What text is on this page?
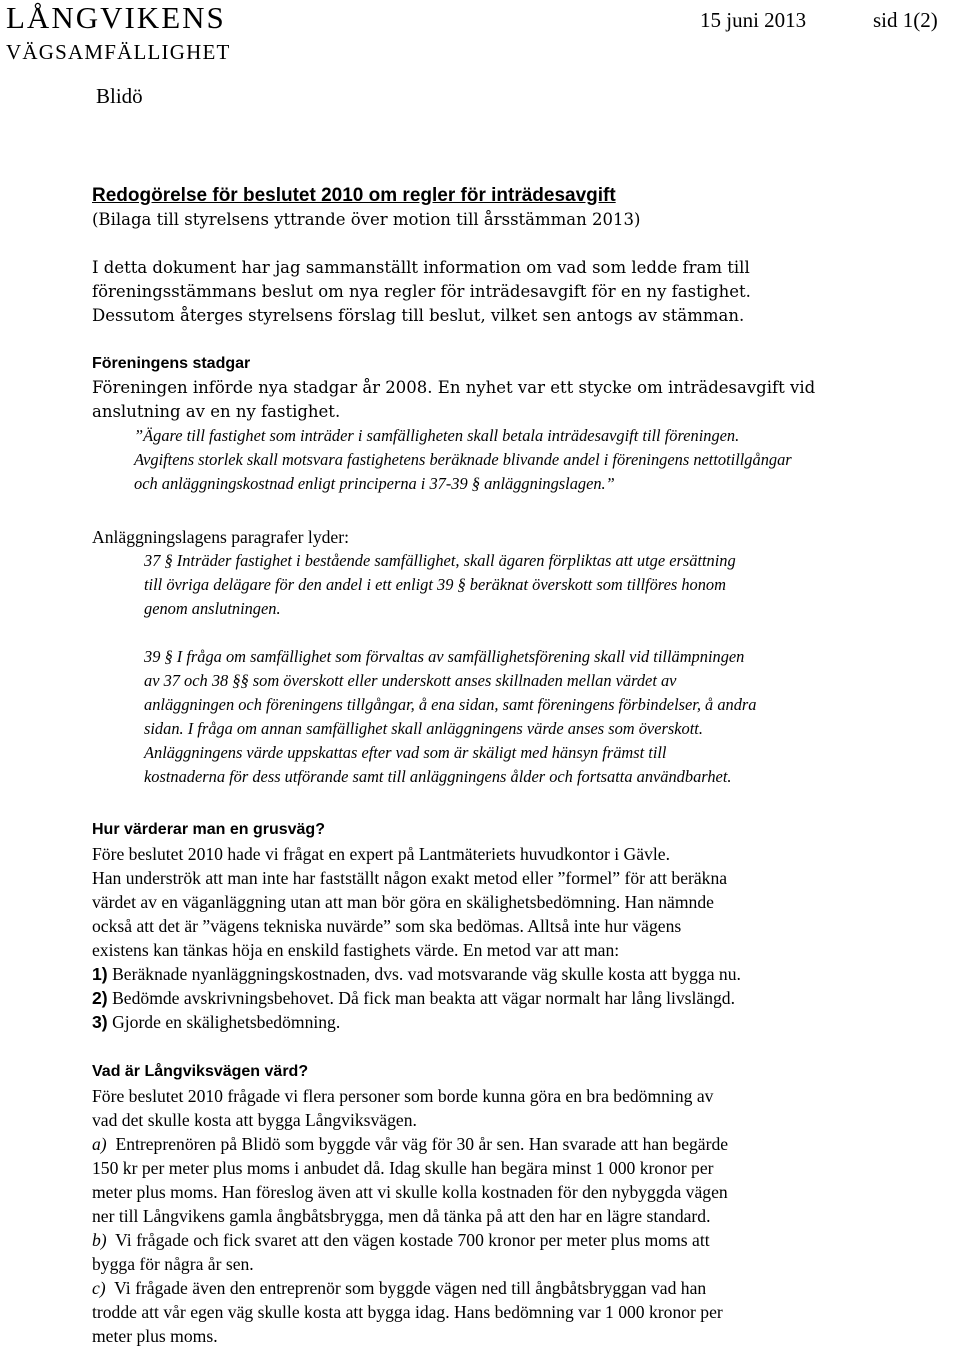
LÅNGVIKENS
VÄGSAMFÄLLIGHET
15 juni 2013	sid 1(2)
Blidö

Redogörelse för beslutet 2010 om regler för inträdesavgift

(Bilaga till styrelsens yttrande över motion till årsstämman 2013)

I detta dokument har jag sammanställt information om vad som ledde fram till

föreningsstämmans beslut om nya regler för inträdesavgift för en ny fastighet.

Dessutom återges styrelsens förslag till beslut, vilket sen antogs av stämman.

Föreningens stadgar

Föreningen införde nya stadgar år 2008. En nyhet var ett stycke om inträdesavgift vid

anslutning av en ny fastighet.

”Ägare till fastighet som inträder i samfälligheten skall betala inträdesavgift till föreningen.

Avgiftens storlek skall motsvara fastighetens beräknade blivande andel i föreningens nettotillgångar

och anläggningskostnad enligt principerna i 37-39 § anläggningslagen.”

Anläggningslagens paragrafer lyder:

37 § Inträder fastighet i bestående samfällighet, skall ägaren förpliktas att utge ersättning

till övriga delägare för den andel i ett enligt 39 § beräknat överskott som tillföres honom

genom anslutningen.

39 § I fråga om samfällighet som förvaltas av samfällighetsförening skall vid tillämpningen

av 37 och 38 §§ som överskott eller underskott anses skillnaden mellan värdet av

anläggningen och föreningens tillgångar, å ena sidan, samt föreningens förbindelser, å andra

sidan. I fråga om annan samfällighet skall anläggningens värde anses som överskott.

Anläggningens värde uppskattas efter vad som är skäligt med hänsyn främst till

kostnaderna för dess utförande samt till anläggningens ålder och fortsatta användbarhet.

Hur värderar man en grusväg?

Före beslutet 2010 hade vi frågat en expert på Lantmäteriets huvudkontor i Gävle.

Han underströk att man inte har fastställt någon exakt metod eller ”formel” för att beräkna

värdet av en väganläggning utan att man bör göra en skälighetsbedömning. Han nämnde

också att det är ”vägens tekniska nuvärde” som ska bedömas. Alltså inte hur vägens

existens kan tänkas höja en enskild fastighets värde. En metod var att man:

1) Beräknade nyanläggningskostnaden, dvs. vad motsvarande väg skulle kosta att bygga nu.

2) Bedömde avskrivningsbehovet. Då fick man beakta att vägar normalt har lång livslängd.

3) Gjorde en skälighetsbedömning.

Vad är Långviksvägen värd?

Före beslutet 2010 frågade vi flera personer som borde kunna göra en bra bedömning av

vad det skulle kosta att bygga Långviksvägen.

a) Entreprenören på Blidö som byggde vår väg för 30 år sen. Han svarade att han begärde

150 kr per meter plus moms i anbudet då. Idag skulle han begära minst 1 000 kronor per

meter plus moms. Han föreslog även att vi skulle kolla kostnaden för den nybyggda vägen

ner till Långvikens gamla ångbåtsbrygga, men då tänka på att den har en lägre standard.

b) Vi frågade och fick svaret att den vägen kostade 700 kronor per meter plus moms att

bygga för några år sen.

c) Vi frågade även den entreprenör som byggde vägen ned till ångbåtsbryggan vad han

trodde att vår egen väg skulle kosta att bygga idag. Hans bedömning var 1 000 kronor per

meter plus moms.
